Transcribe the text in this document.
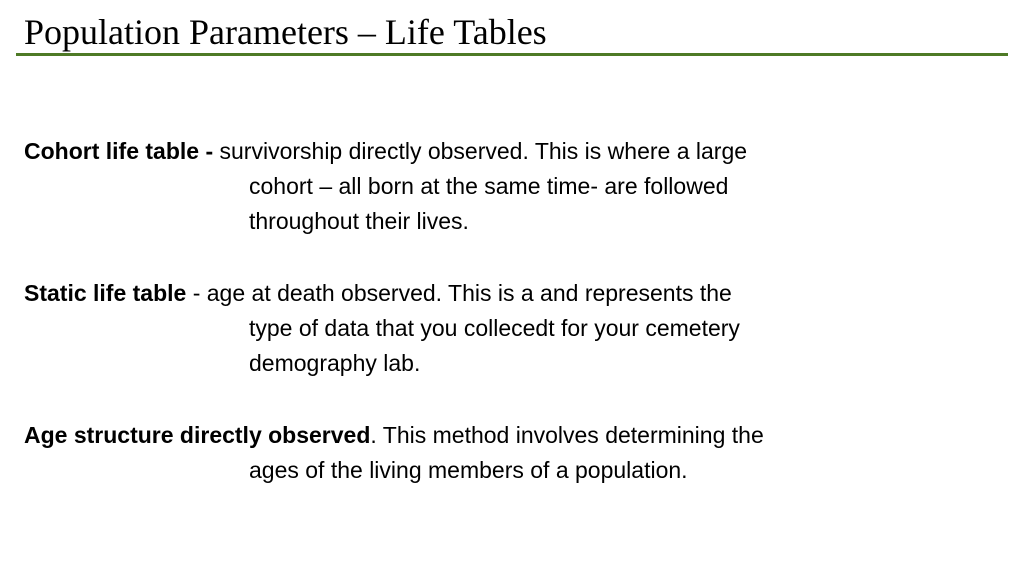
Population Parameters – Life Tables

Cohort life table - survivorship directly observed. This is where a large
cohort – all born at the same time- are followed
throughout their lives.

Static life table - age at death observed. This is a and represents the
type of data that you collecedt for your cemetery
demography lab.

Age structure directly observed. This method involves determining the
ages of the living members of a population.
